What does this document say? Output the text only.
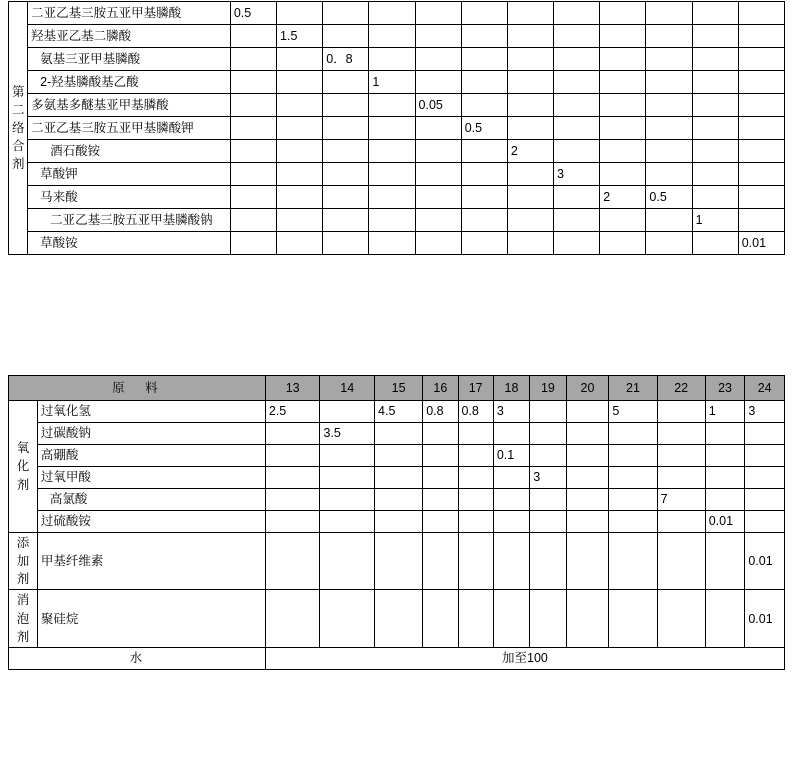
第
二
络
合
剂	二亚乙基三胺五亚甲基膦酸	0.5											
	羟基亚乙基二膦酸		1.5										
	氨基三亚甲基膦酸			0．8									
	2-羟基膦酸基乙酸				1								
	多氨基多醚基亚甲基膦酸					0.05							
	二亚乙基三胺五亚甲基膦酸钾						0.5						
	酒石酸铵							2					
	草酸钾								3				
	马来酸									2	0.5		
	二亚乙基三胺五亚甲基膦酸钠											1	
	草酸铵												0.01
原　料		13	14	15	16	17	18	19	20	21	22	23	24
氧
化
剂	过氧化氢	2.5		4.5	0.8	0.8	3			5		1	3
	过碳酸钠		3.5										
	高硼酸						0.1						
	过氧甲酸							3					
	高氯酸										7		
	过硫酸铵											0.01	
添
加
剂	甲基纤维素												0.01
消
泡
剂	聚硅烷												0.01
水		加至100											
